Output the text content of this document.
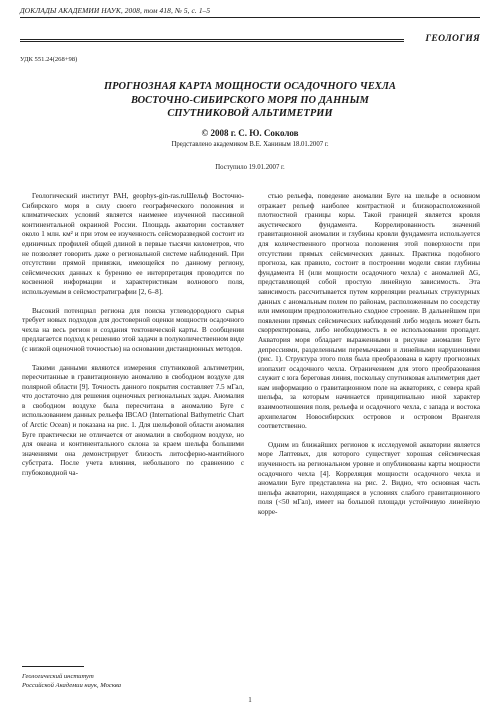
ДОКЛАДЫ АКАДЕМИИ НАУК, 2008, том 418, № 5, с. 1–5
ГЕОЛОГИЯ
УДК 551.24(268+98)
ПРОГНОЗНАЯ КАРТА МОЩНОСТИ ОСАДОЧНОГО ЧЕХЛА
ВОСТОЧНО-СИБИРСКОГО МОРЯ ПО ДАННЫМ
СПУТНИКОВОЙ АЛЬТИМЕТРИИ
© 2008 г. С. Ю. Соколов
Представлено академиком В.Е. Ханиным 18.01.2007 г.
Поступило 19.01.2007 г.

Геологический институт РАН, geophys-gin-ras.ruШельф Восточно-Сибирского моря в силу своего географического положения и климатических условий является наименее изученной пассивной континентальной окраиной России. Площадь акватории составляет около 1 млн. км² и при этом ее изученность сейсморазведкой состоит из единичных профилей общей длиной в первые тысячи километров, что не позволяет говорить даже о региональной системе наблюдений. При отсутствии прямой привязки, имеющейся по данному региону, сейсмических данных к бурению ее интерпретация проводится по косвенной информации и характеристикам волнового поля, используемым в сейсмостратиграфии [2, 6–8].

Высокий потенциал региона для поиска углеводородного сырья требует новых подходов для достоверной оценки мощности осадочного чехла на весь регион и создания тектонической карты. В сообщении предлагается подход к решению этой задачи в полуколичественном виде (с низкой оценочной точностью) на основании дистанционных методов.

Такими данными являются измерения спутниковой альтиметрии, пересчитанные в гравитационную аномалию в свободном воздухе для полярной области [9]. Точность данного покрытия составляет 7.5 мГал, что достаточно для решения оценочных региональных задач. Аномалия в свободном воздухе была пересчитана в аномалию Буге с использованием данных рельефа IBCAO (International Bathymetric Chart of Arctic Ocean) и показана на рис. 1. Для шельфовой области аномалия Буге практически не отличается от аномалии в свободном воздухе, но для океана и континентального склона за краем шельфа большими значениями она демонстрирует близость литосферно-мантийного субстрата. После учета влияния, небольшого по сравнению с глубоководной ча-

стью рельефа, поведение аномалии Буге на шельфе в основном отражает рельеф наиболее контрастной и близкорасположенной плотностной границы коры. Такой границей является кровля акустического фундамента. Коррелированность значений гравитационной аномалии и глубины кровли фундамента используется для количественного прогноза положения этой поверхности при отсутствии прямых сейсмических данных. Практика подобного прогноза, как правило, состоит в построении модели связи глубины фундамента H (или мощности осадочного чехла) с аномалией ΔG, представляющей собой простую линейную зависимость. Эта зависимость рассчитывается путем корреляции реальных структурных данных с аномальным полем по районам, расположенным по соседству или имеющим предположительно сходное строение. В дальнейшем при появлении прямых сейсмических наблюдений либо модель может быть скорректирована, либо необходимость в ее использовании пропадет. Акватория моря обладает выраженными в рисунке аномалии Буге депрессиями, разделенными перемычками и линейными нарушениями (рис. 1). Структура этого поля была преобразована в карту прогнозных изопахит осадочного чехла. Ограничением для этого преобразования служит с юга береговая линия, поскольку спутниковая альтиметрия дает нам информацию о гравитационном поле на акваториях, с севера край шельфа, за которым начинается принципиально иной характер взаимоотношения поля, рельефа и осадочного чехла, с запада и востока архипелагом Новосибирских островов и островом Врангеля соответственно.

Одним из ближайших регионов к исследуемой акватории является море Лаптевых, для которого существует хорошая сейсмическая изученность на региональном уровне и опубликованы карты мощности осадочного чехла [4]. Корреляция мощности осадочного чехла и аномалии Буге представлена на рис. 2. Видно, что основная часть шельфа акватории, находящаяся в условиях слабого гравитационного поля (<50 мГал), имеет на большой площади устойчивую линейную корре-

Геологический институт
Российской Академии наук, Москва
1
